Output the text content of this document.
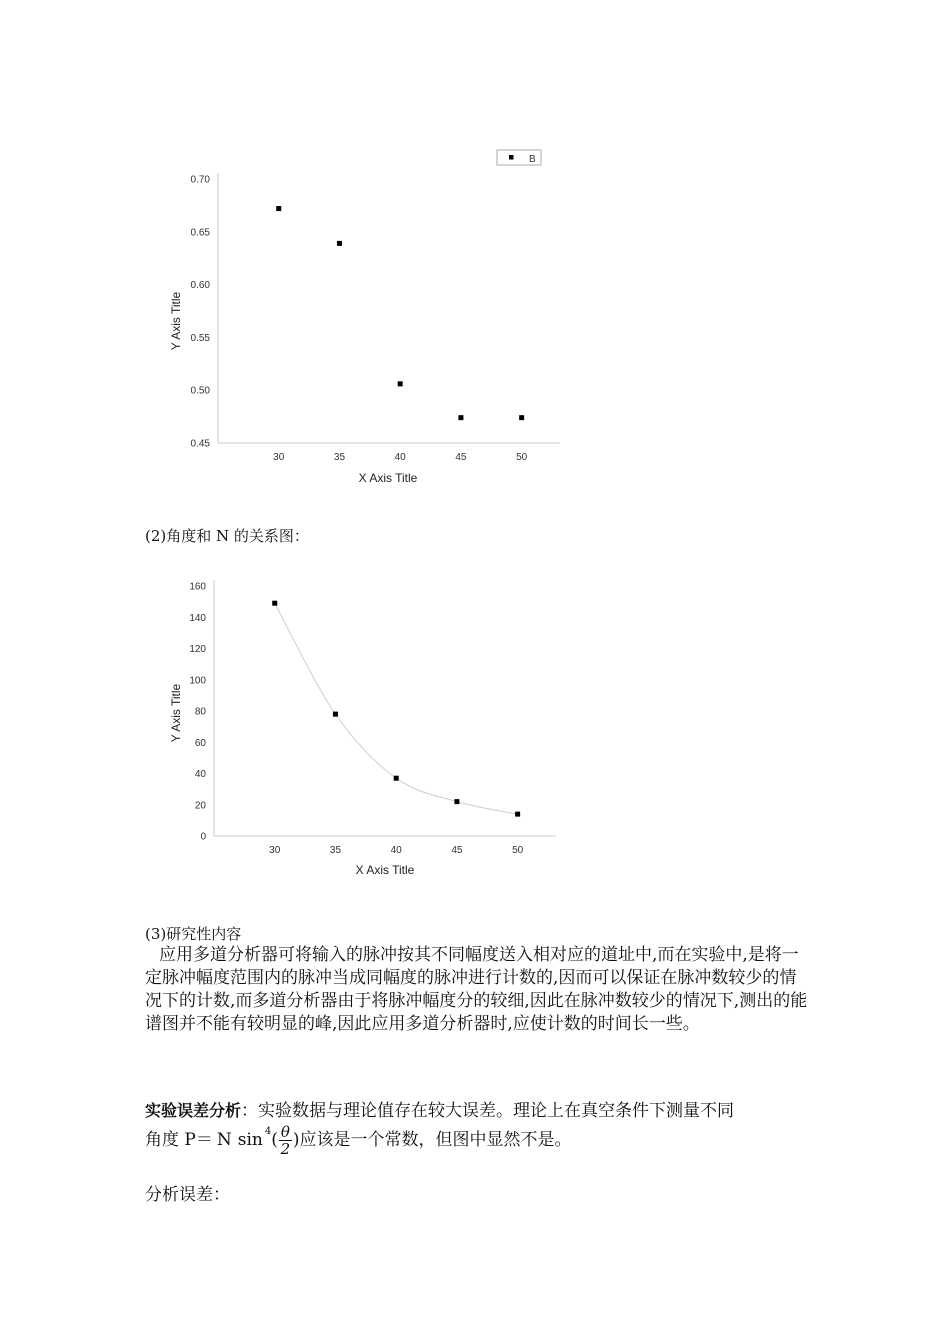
0.70
0.65
0.60
0.55
0.50
0.45
30	35	40	45	50
X Axis Title
Y Axis Title
B
(2)角度和 N 的关系图：
160
140
120
100
80
60
40
20
0
30	35	40	45	50
X Axis Title
Y Axis Title
(3)研究性内容
应用多道分析器可将输入的脉冲按其不同幅度送入相对应的道址中,而在实验中,是将一定脉冲幅度范围内的脉冲当成同幅度的脉冲进行计数的,因而可以保证在脉冲数较少的情况下的计数,而多道分析器由于将脉冲幅度分的较细,因此在脉冲数较少的情况下,测出的能谱图并不能有较明显的峰,因此应用多道分析器时,应使计数的时间长一些。
实验误差分析：实验数据与理论值存在较大误差。理论上在真空条件下测量不同
角度 P＝ N sin 4 ( $\frac{\theta}{2}$ ) 应该是一个常数，但图中显然不是。
分析误差：
